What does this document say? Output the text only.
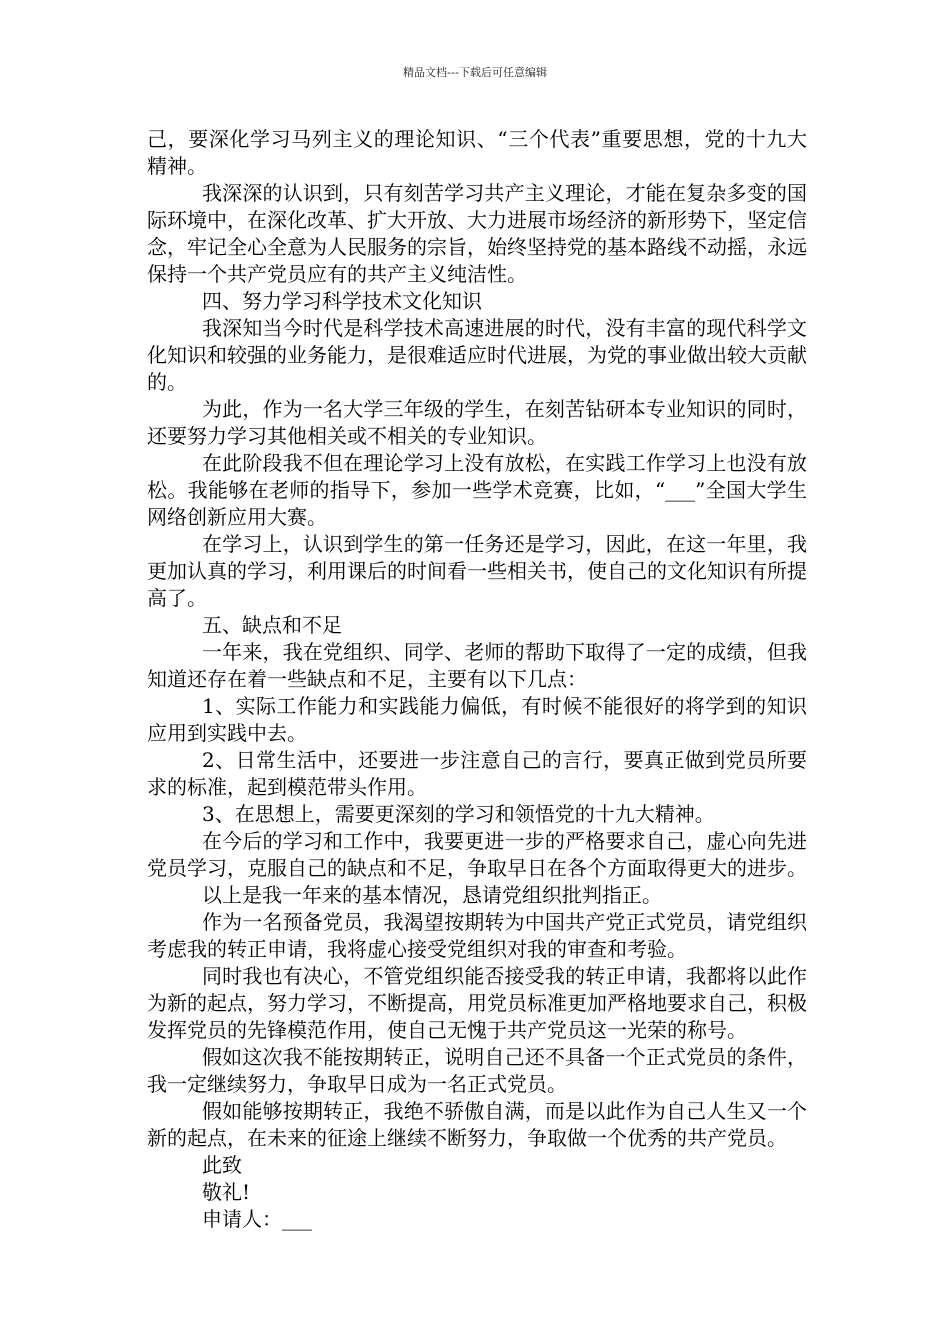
精品文档---下载后可任意编辑

己，要深化学习马列主义的理论知识、“三个代表”重要思想，党的十九大精神。

我深深的认识到，只有刻苦学习共产主义理论，才能在复杂多变的国际环境中，在深化改革、扩大开放、大力进展市场经济的新形势下，坚定信念，牢记全心全意为人民服务的宗旨，始终坚持党的基本路线不动摇，永远保持一个共产党员应有的共产主义纯洁性。

四、努力学习科学技术文化知识

我深知当今时代是科学技术高速进展的时代，没有丰富的现代科学文化知识和较强的业务能力，是很难适应时代进展，为党的事业做出较大贡献的。

为此，作为一名大学三年级的学生，在刻苦钻研本专业知识的同时，还要努力学习其他相关或不相关的专业知识。

在此阶段我不但在理论学习上没有放松，在实践工作学习上也没有放松。我能够在老师的指导下，参加一些学术竞赛，比如，“___”全国大学生网络创新应用大赛。

在学习上，认识到学生的第一任务还是学习，因此，在这一年里，我更加认真的学习，利用课后的时间看一些相关书，使自己的文化知识有所提高了。

五、缺点和不足

一年来，我在党组织、同学、老师的帮助下取得了一定的成绩，但我知道还存在着一些缺点和不足，主要有以下几点：

1、实际工作能力和实践能力偏低，有时候不能很好的将学到的知识应用到实践中去。

2、日常生活中，还要进一步注意自己的言行，要真正做到党员所要求的标准，起到模范带头作用。

3、在思想上，需要更深刻的学习和领悟党的十九大精神。

在今后的学习和工作中，我要更进一步的严格要求自己，虚心向先进党员学习，克服自己的缺点和不足，争取早日在各个方面取得更大的进步。

以上是我一年来的基本情况，恳请党组织批判指正。

作为一名预备党员，我渴望按期转为中国共产党正式党员，请党组织考虑我的转正申请，我将虚心接受党组织对我的审查和考验。

同时我也有决心，不管党组织能否接受我的转正申请，我都将以此作为新的起点，努力学习，不断提高，用党员标准更加严格地要求自己，积极发挥党员的先锋模范作用，使自己无愧于共产党员这一光荣的称号。

假如这次我不能按期转正，说明自己还不具备一个正式党员的条件，我一定继续努力，争取早日成为一名正式党员。

假如能够按期转正，我绝不骄傲自满，而是以此作为自己人生又一个新的起点，在未来的征途上继续不断努力，争取做一个优秀的共产党员。

此致

敬礼!

申请人：___
